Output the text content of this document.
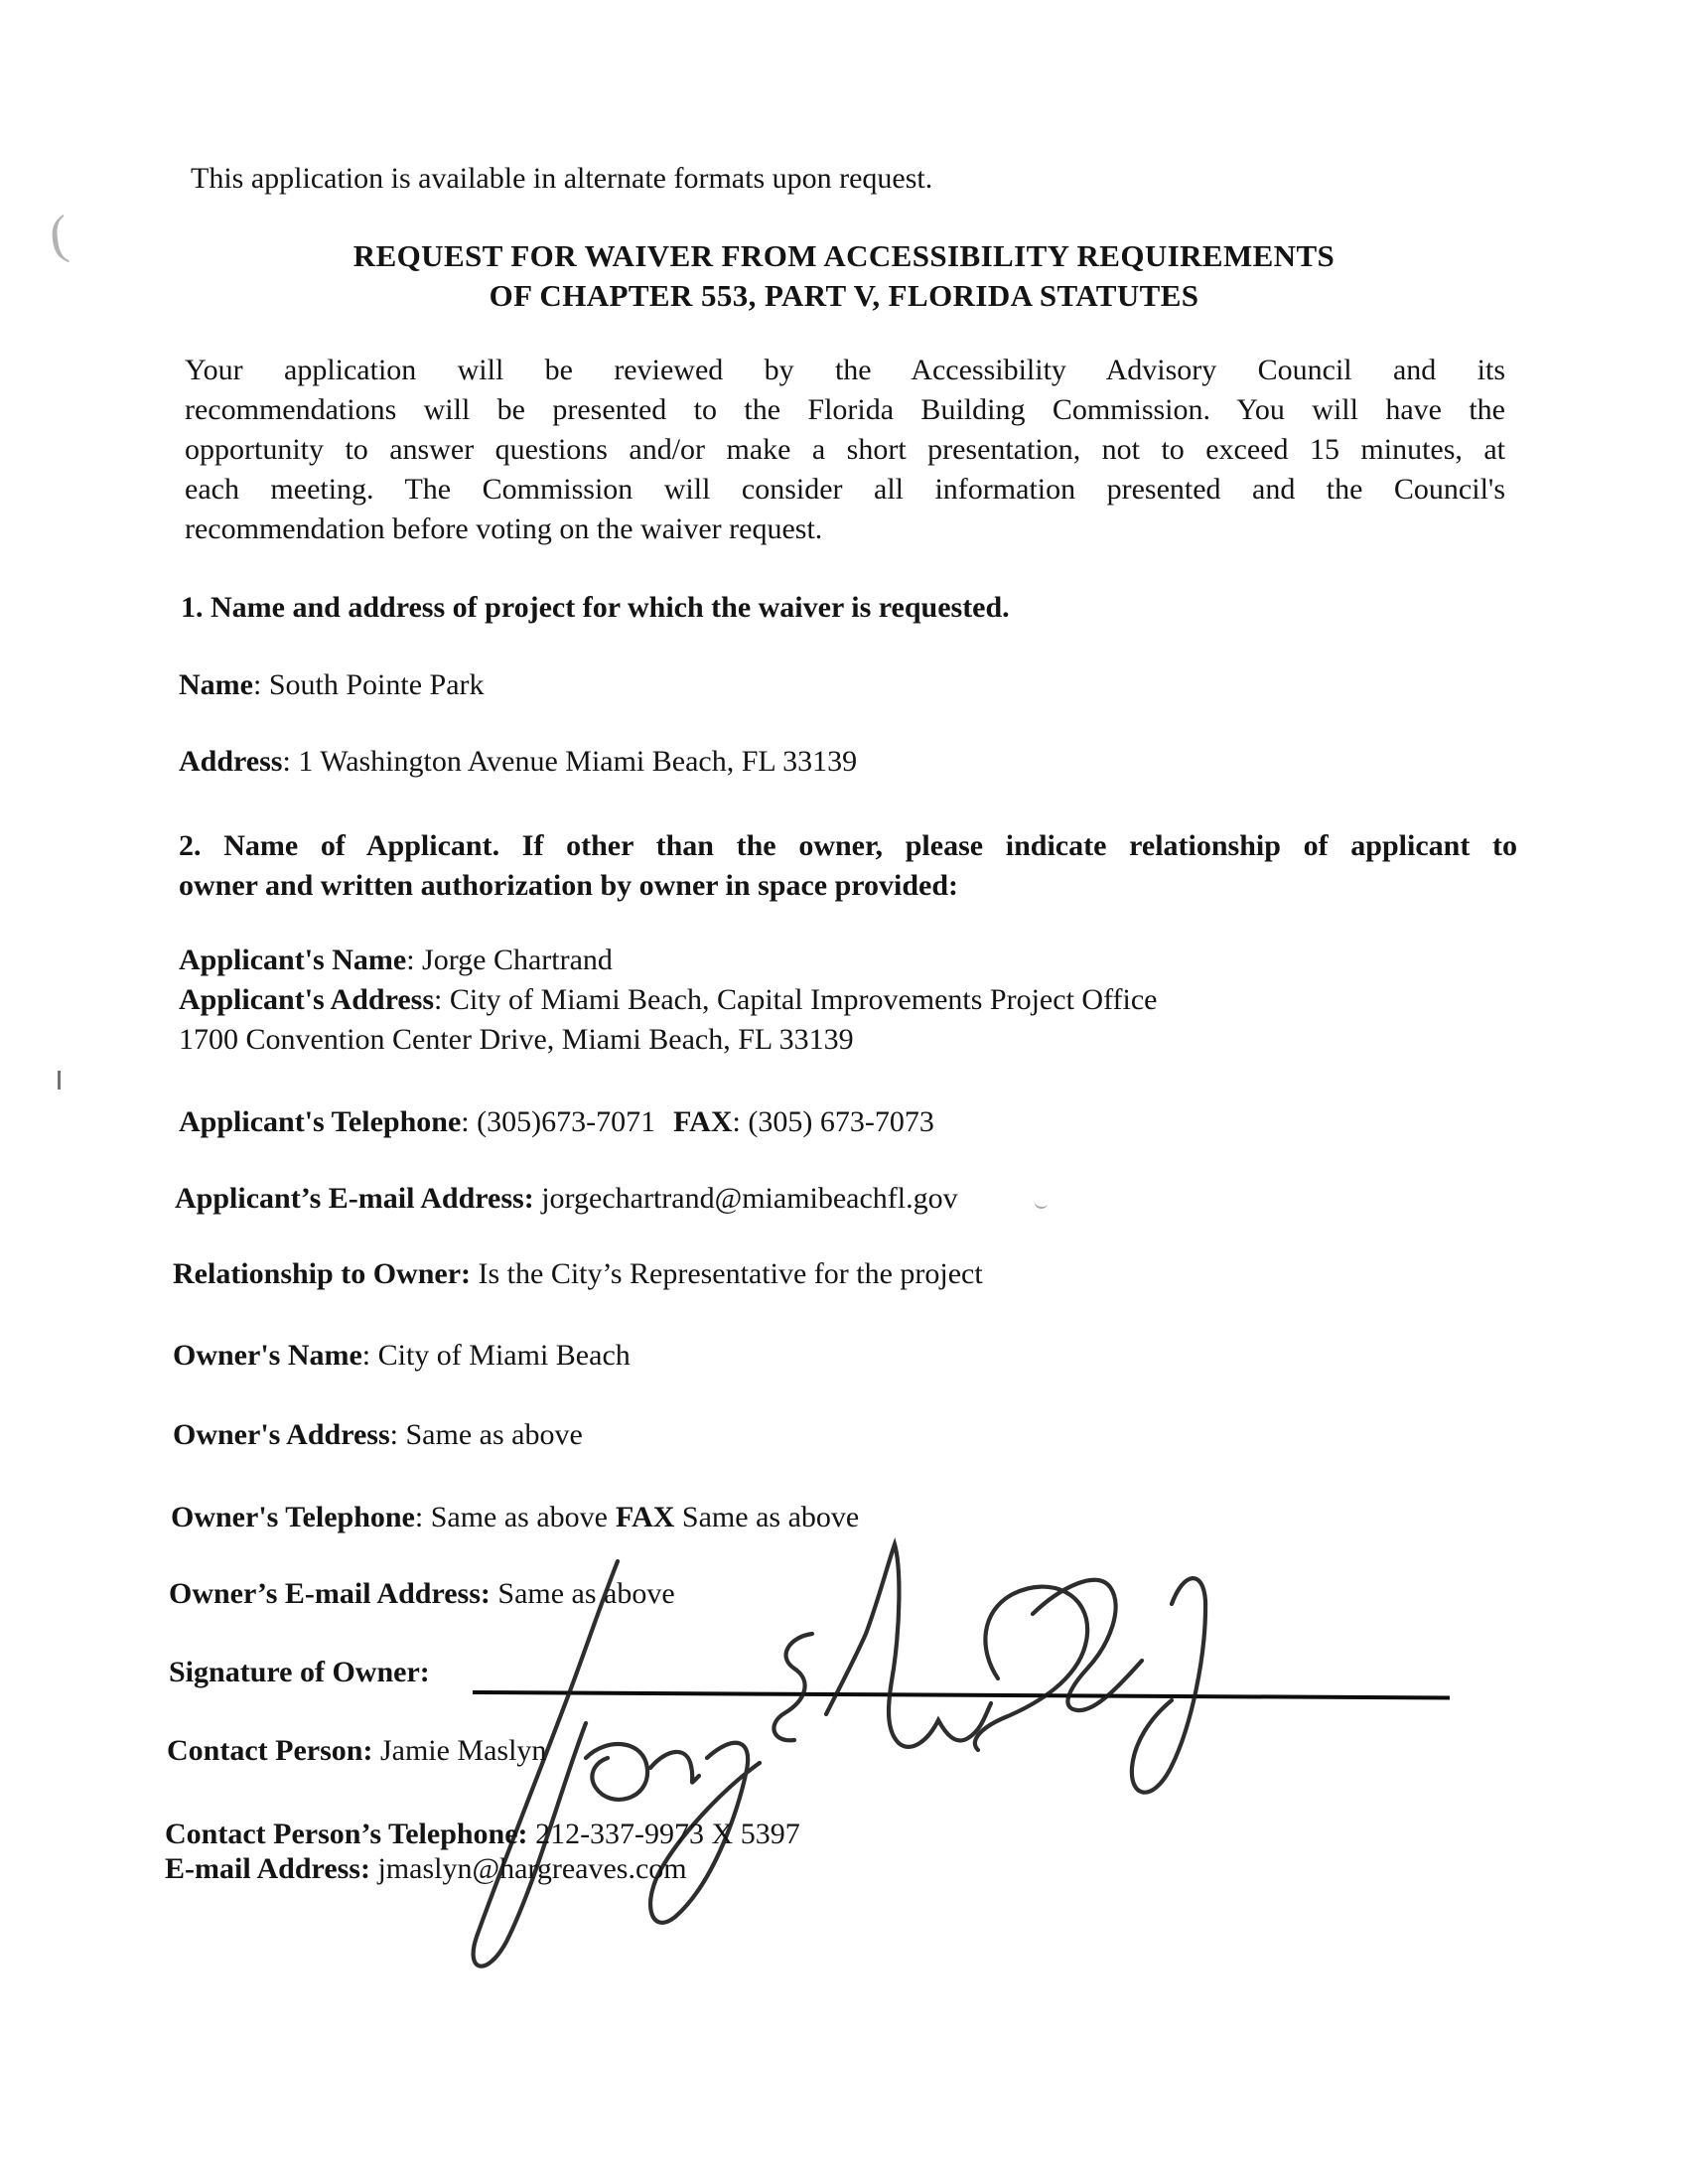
(
This application is available in alternate formats upon request.
REQUEST FOR WAIVER FROM ACCESSIBILITY REQUIREMENTS
OF CHAPTER 553, PART V, FLORIDA STATUTES
Your application will be reviewed by the Accessibility Advisory Council and its
recommendations will be presented to the Florida Building Commission. You will have the
opportunity to answer questions and/or make a short presentation, not to exceed 15 minutes, at
each meeting. The Commission will consider all information presented and the Council's
recommendation before voting on the waiver request.
1. Name and address of project for which the waiver is requested.
Name: South Pointe Park
Address: 1 Washington Avenue Miami Beach, FL 33139
2. Name of Applicant. If other than the owner, please indicate relationship of applicant to
owner and written authorization by owner in space provided:
Applicant's Name: Jorge Chartrand
Applicant's Address: City of Miami Beach, Capital Improvements Project Office
1700 Convention Center Drive, Miami Beach, FL 33139
Applicant's Telephone: (305)673-7071 FAX: (305) 673-7073
Applicant’s E-mail Address: jorgechartrand@miamibeachfl.gov
Relationship to Owner: Is the City’s Representative for the project
Owner's Name: City of Miami Beach
Owner's Address: Same as above
Owner's Telephone: Same as above FAX Same as above
Owner’s E-mail Address: Same as above
Signature of Owner:
Contact Person: Jamie Maslyn
Contact Person’s Telephone: 212-337-9973 X 5397
E-mail Address: jmaslyn@hargreaves.com
